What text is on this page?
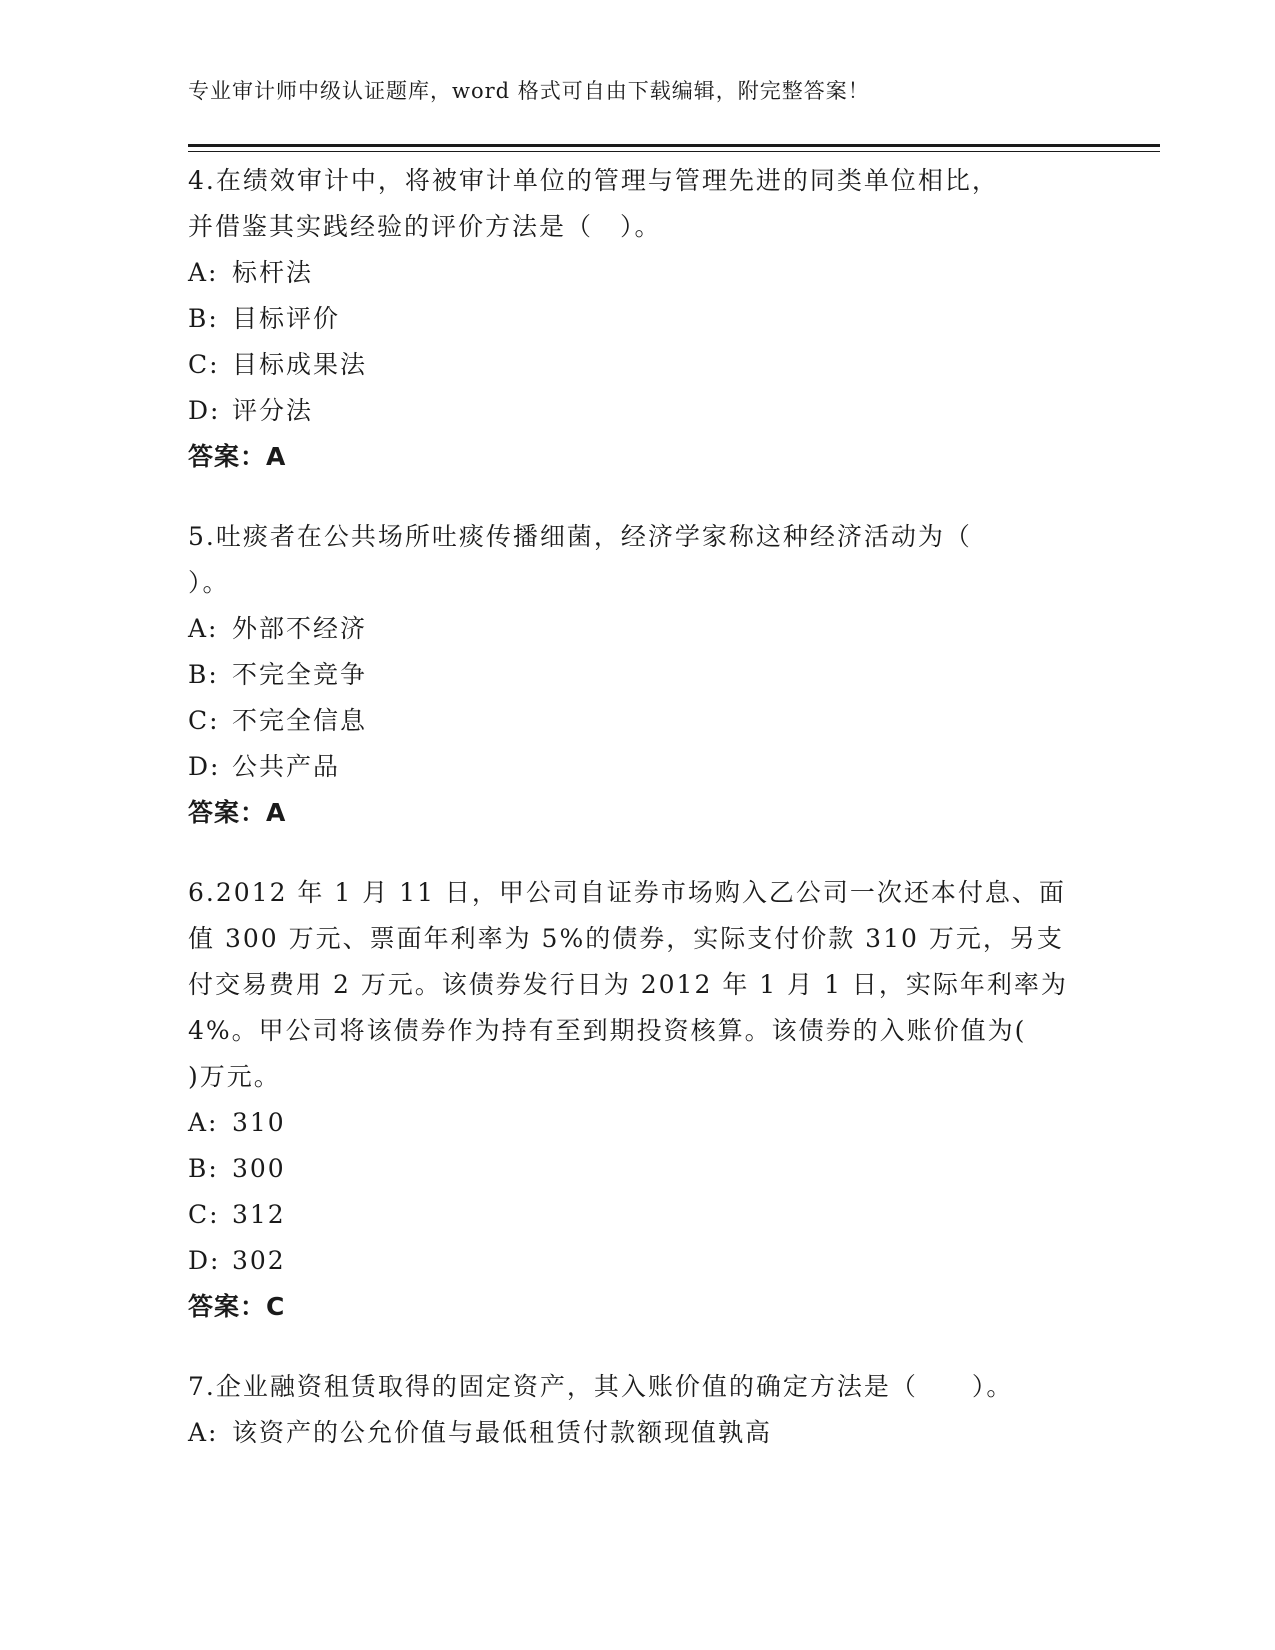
专业审计师中级认证题库，word 格式可自由下载编辑，附完整答案！
4.在绩效审计中，将被审计单位的管理与管理先进的同类单位相比，
并借鉴其实践经验的评价方法是（　）。
A: 标杆法
B: 目标评价
C: 目标成果法
D: 评分法
答案：A
5.吐痰者在公共场所吐痰传播细菌，经济学家称这种经济活动为（
）。
A: 外部不经济
B: 不完全竞争
C: 不完全信息
D: 公共产品
答案：A
6.2012 年 1 月 11 日，甲公司自证券市场购入乙公司一次还本付息、面
值 300 万元、票面年利率为 5%的债券，实际支付价款 310 万元，另支
付交易费用 2 万元。该债券发行日为 2012 年 1 月 1 日，实际年利率为
4%。甲公司将该债券作为持有至到期投资核算。该债券的入账价值为(
)万元。
A: 310
B: 300
C: 312
D: 302
答案：C
7.企业融资租赁取得的固定资产，其入账价值的确定方法是（　　）。
A: 该资产的公允价值与最低租赁付款额现值孰高
